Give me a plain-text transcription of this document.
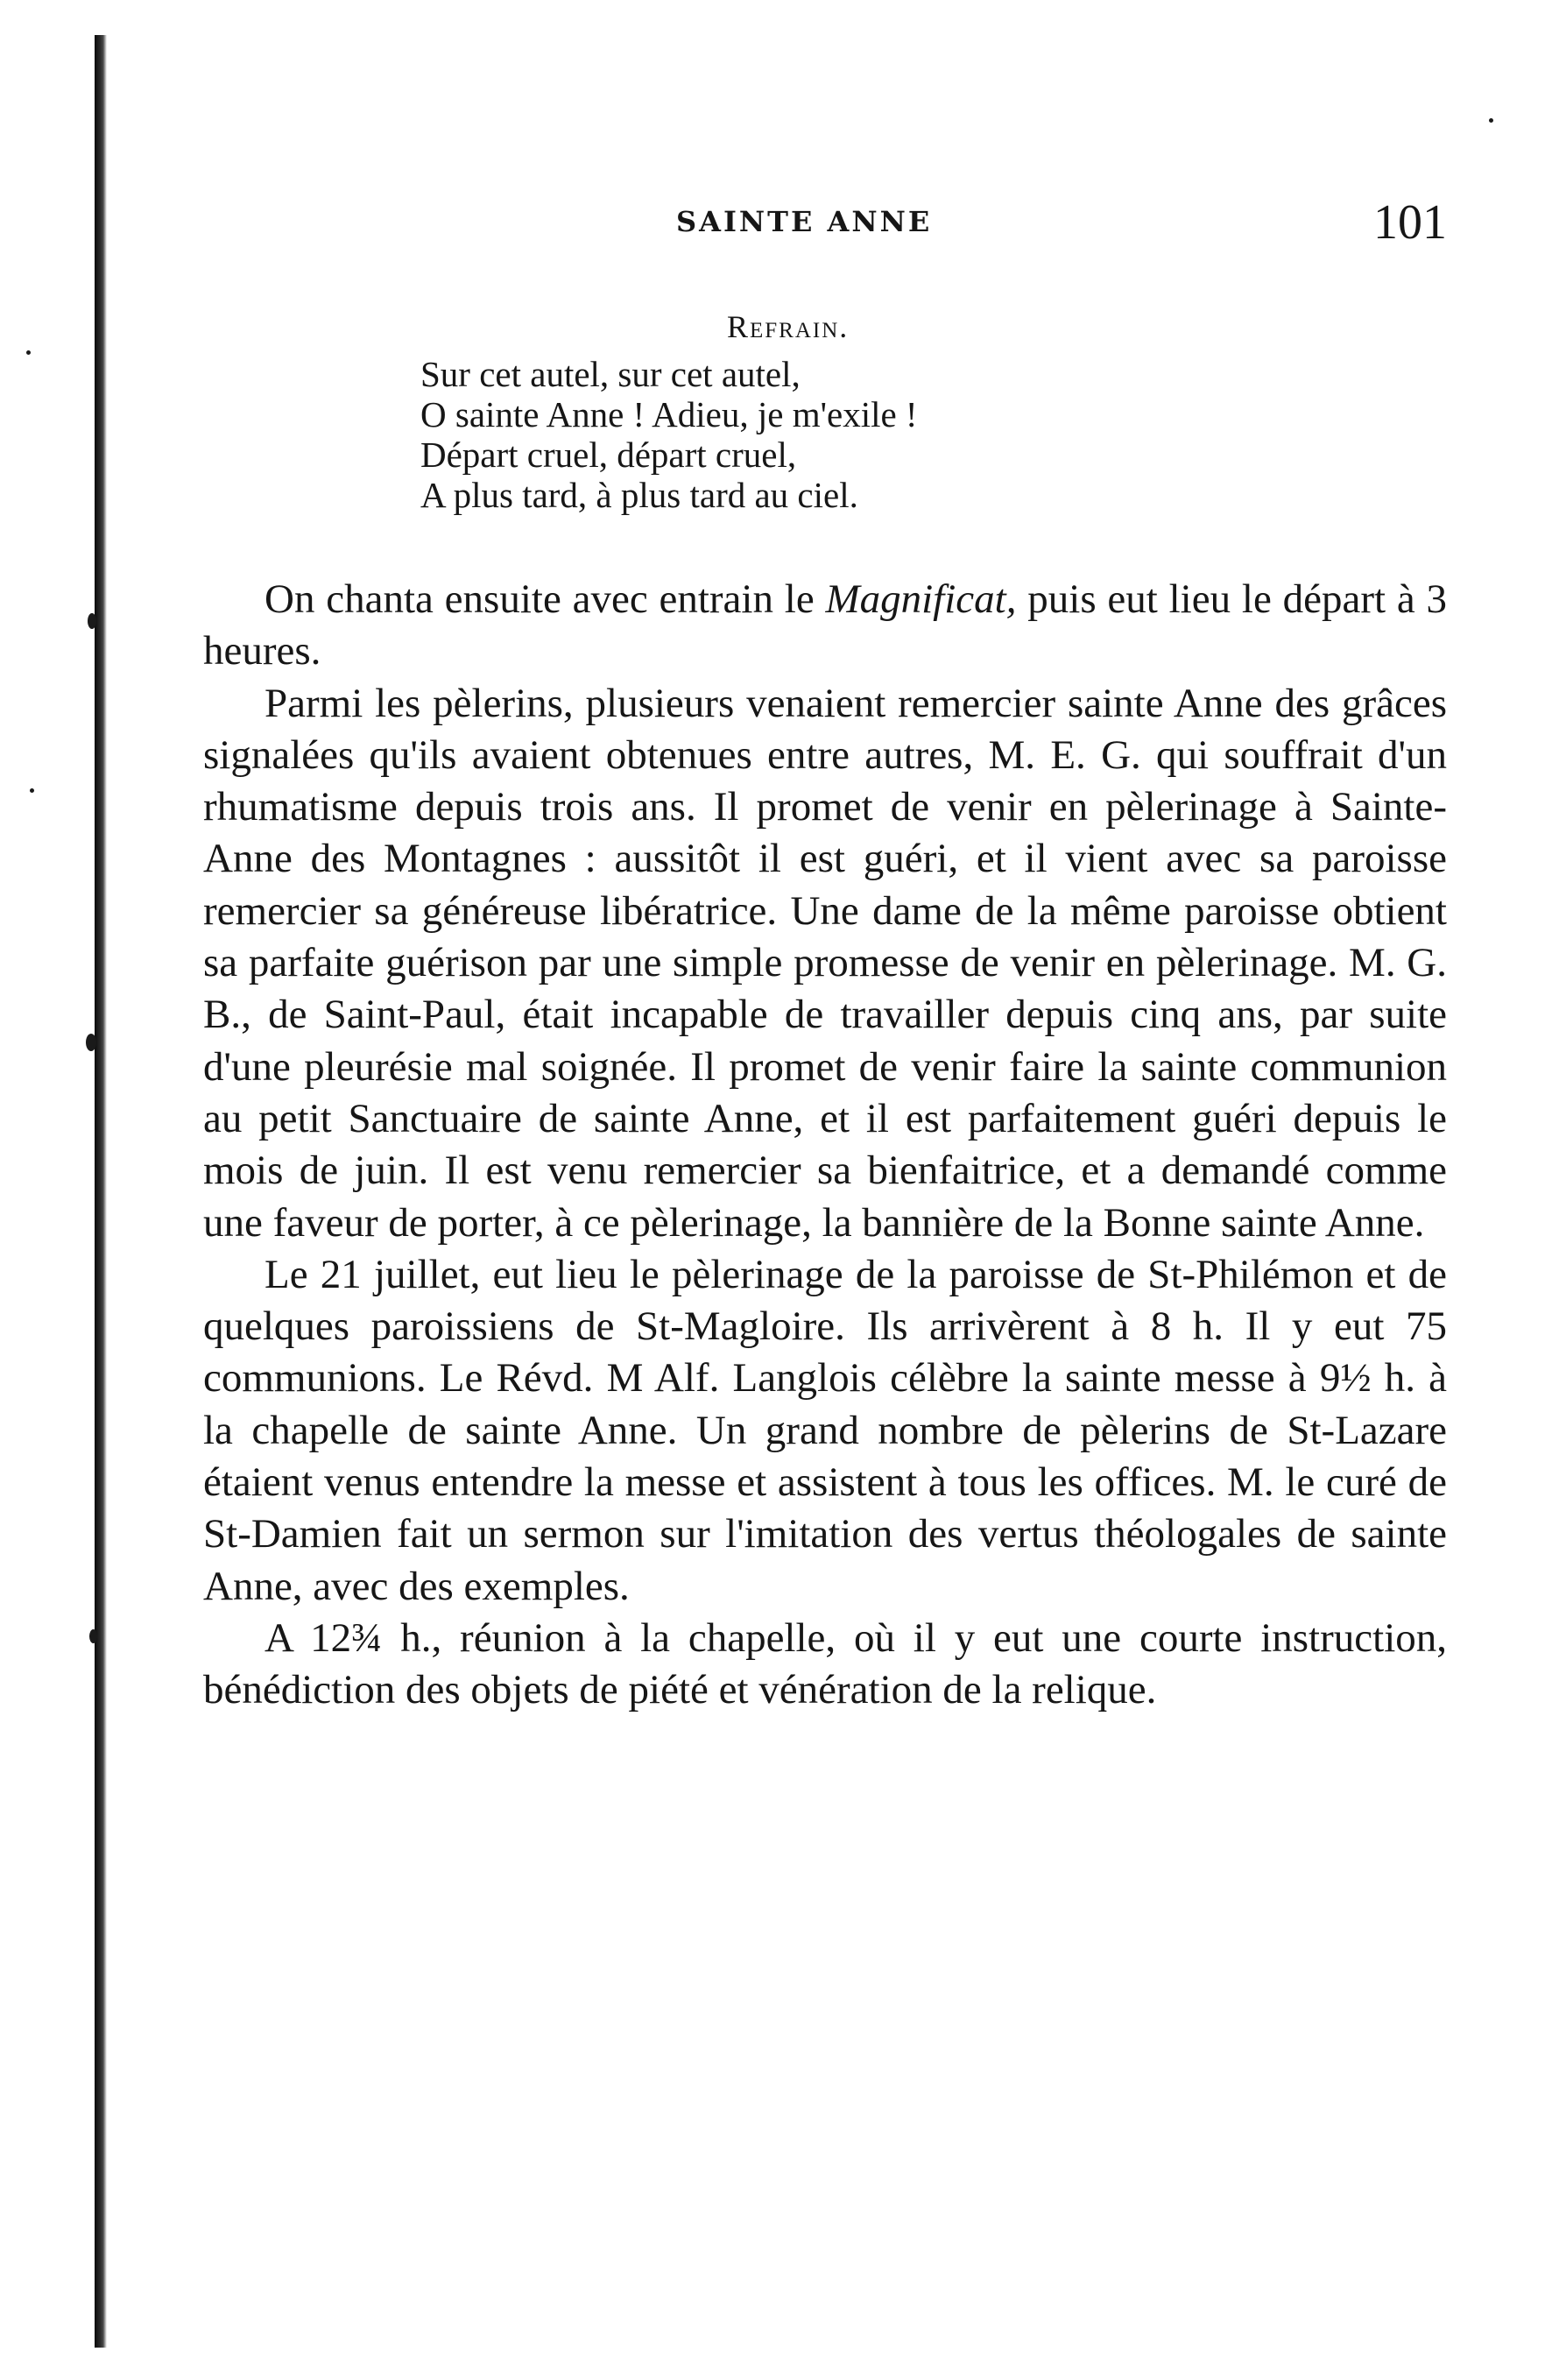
SAINTE ANNE	101
Refrain.
Sur cet autel, sur cet autel,
O sainte Anne ! Adieu, je m'exile !
Départ cruel, départ cruel,
A plus tard, à plus tard au ciel.

On chanta ensuite avec entrain le Magnificat, puis eut lieu le départ à 3 heures.

Parmi les pèlerins, plusieurs venaient remercier sainte Anne des grâces signalées qu'ils avaient obtenues entre autres, M. E. G. qui souffrait d'un rhumatisme depuis trois ans. Il promet de venir en pèlerinage à Sainte-Anne des Montagnes : aussitôt il est guéri, et il vient avec sa paroisse remercier sa généreuse libératrice. Une dame de la même paroisse obtient sa parfaite guérison par une simple promesse de venir en pèlerinage. M. G. B., de Saint-Paul, était incapable de travailler depuis cinq ans, par suite d'une pleurésie mal soignée. Il promet de venir faire la sainte communion au petit Sanctuaire de sainte Anne, et il est parfaitement guéri depuis le mois de juin. Il est venu remercier sa bienfaitrice, et a demandé comme une faveur de porter, à ce pèlerinage, la bannière de la Bonne sainte Anne.

Le 21 juillet, eut lieu le pèlerinage de la paroisse de St-Philémon et de quelques paroissiens de St-Magloire. Ils arrivèrent à 8 h. Il y eut 75 communions. Le Révd. M Alf. Langlois célèbre la sainte messe à 9½ h. à la chapelle de sainte Anne. Un grand nombre de pèlerins de St-Lazare étaient venus entendre la messe et assistent à tous les offices. M. le curé de St-Damien fait un sermon sur l'imitation des vertus théologales de sainte Anne, avec des exemples.

A 12¾ h., réunion à la chapelle, où il y eut une courte instruction, bénédiction des objets de piété et vénération de la relique.
